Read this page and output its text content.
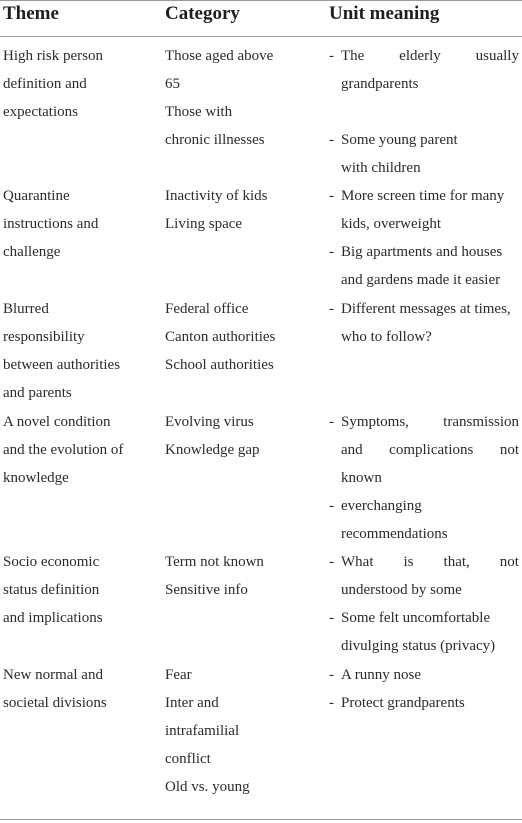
Theme	Category	Unit meaning
High risk person
definition and
expectations
Those aged above
65
Those with
chronic illnesses
- The elderly usually
grandparents
- Some young parent
with children
Quarantine
instructions and
challenge
Inactivity of kids
Living space
- More screen time for many
kids, overweight
- Big apartments and houses
and gardens made it easier
Blurred
responsibility
between authorities
and parents
Federal office
Canton authorities
School authorities
- Different messages at times,
who to follow?
A novel condition
and the evolution of
knowledge
Evolving virus
Knowledge gap
- Symptoms, transmission
and complications not
known
- everchanging
recommendations
Socio economic
status definition
and implications
Term not known
Sensitive info
- What is that, not
understood by some
- Some felt uncomfortable
divulging status (privacy)
New normal and
societal divisions
Fear
Inter and
intrafamilial
conflict
Old vs. young
- A runny nose
- Protect grandparents
